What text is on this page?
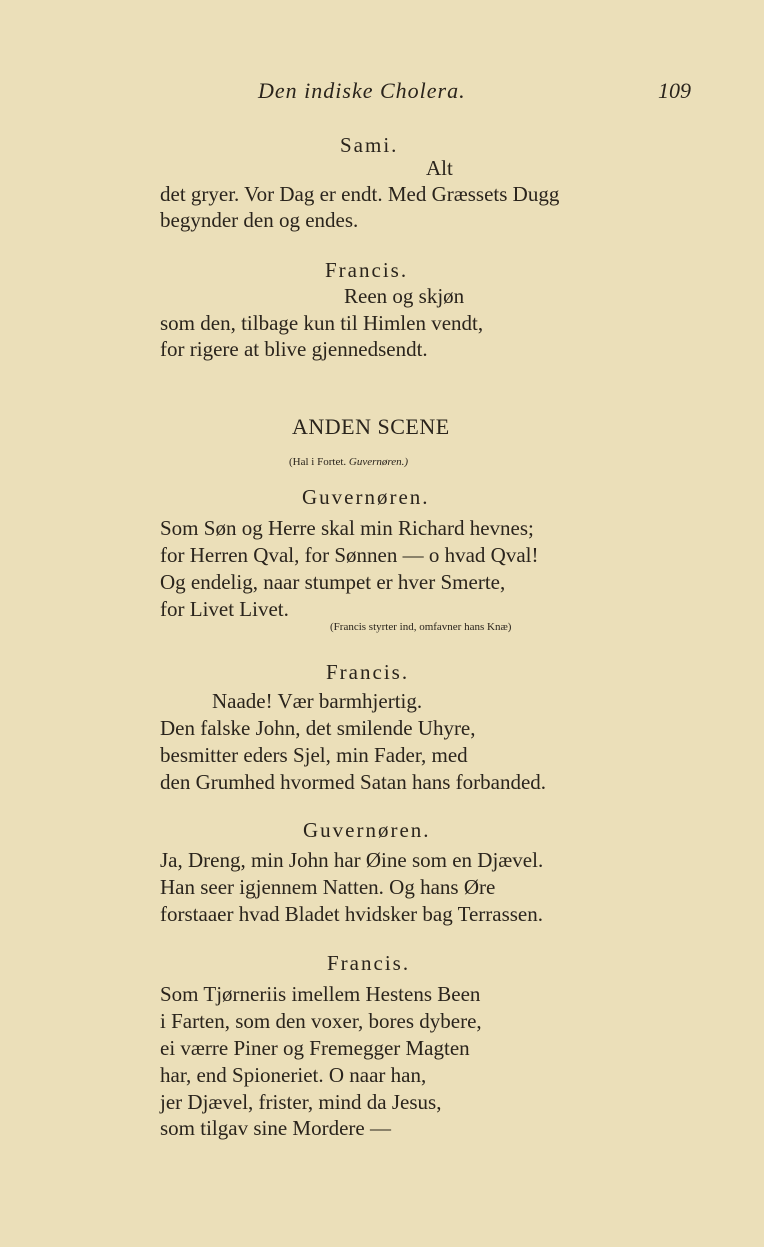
Den indiske Cholera.	109
Sami.
Alt
det gryer. Vor Dag er endt. Med Græssets Dugg
begynder den og endes.
Francis.
Reen og skjøn
som den, tilbage kun til Himlen vendt,
for rigere at blive gjennedsendt.
ANDEN SCENE
(Hal i Fortet. Guvernøren.)
Guvernøren.
Som Søn og Herre skal min Richard hevnes;
for Herren Qval, for Sønnen — o hvad Qval!
Og endelig, naar stumpet er hver Smerte,
for Livet Livet.
(Francis styrter ind, omfavner hans Knæ)
Francis.
Naade! Vær barmhjertig.
Den falske John, det smilende Uhyre,
besmitter eders Sjel, min Fader, med
den Grumhed hvormed Satan hans forbanded.
Guvernøren.
Ja, Dreng, min John har Øine som en Djævel.
Han seer igjennem Natten. Og hans Øre
forstaaer hvad Bladet hvidsker bag Terrassen.
Francis.
Som Tjørneriis imellem Hestens Been
i Farten, som den voxer, bores dybere,
ei værre Piner og Fremegger Magten
har, end Spioneriet. O naar han,
jer Djævel, frister, mind da Jesus,
som tilgav sine Mordere —
